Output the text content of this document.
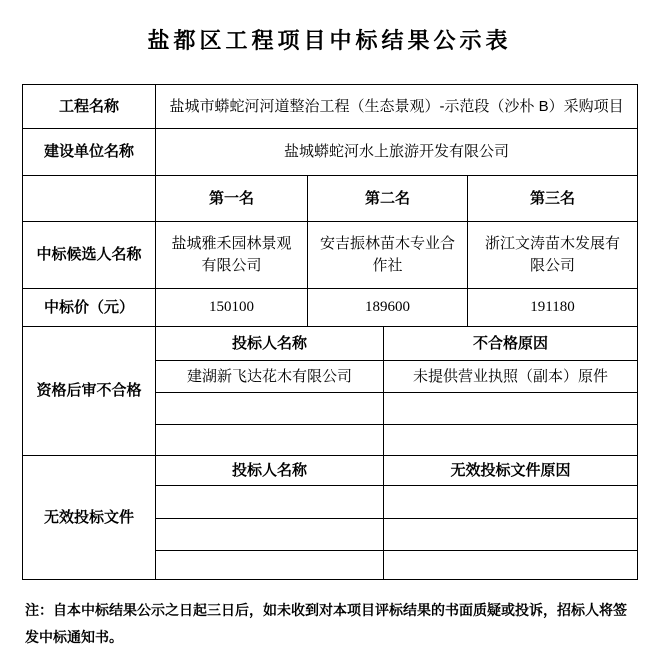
盐都区工程项目中标结果公示表
工程名称	盐城市蟒蛇河河道整治工程（生态景观）-示范段（沙朴 B）采购项目			
建设单位名称	盐城蟒蛇河水上旅游开发有限公司			
	第一名	第二名		第三名
中标候选人名称	盐城雅禾园林景观有限公司	安吉振林苗木专业合作社		浙江文涛苗木发展有限公司
中标价（元）	150100	189600		191180
资格后审不合格	投标人名称		不合格原因	
	建湖新飞达花木有限公司		未提供营业执照（副本）原件	

无效投标文件	投标人名称		无效投标文件原因	

注：自本中标结果公示之日起三日后，如未收到对本项目评标结果的书面质疑或投诉，招标人将签发中标通知书。
